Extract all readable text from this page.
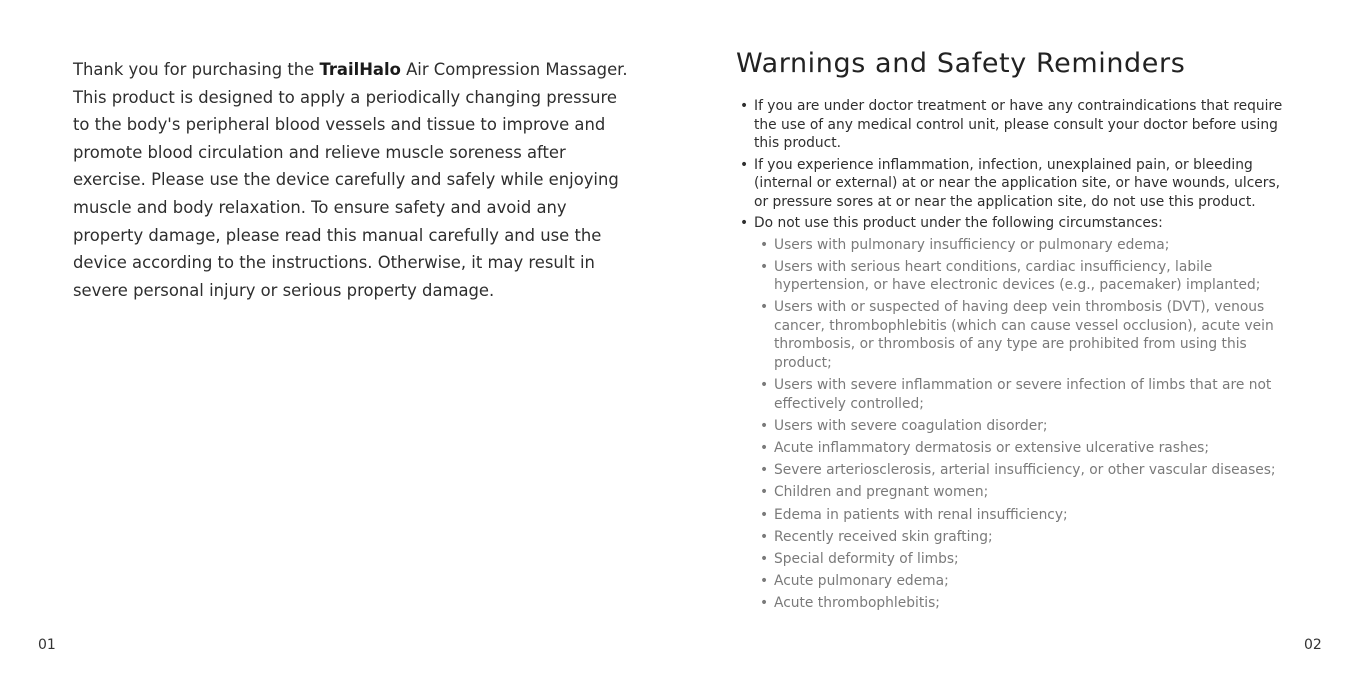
Thank you for purchasing the TrailHalo Air Compression Massager. This product is designed to apply a periodically changing pressure to the body's peripheral blood vessels and tissue to improve and promote blood circulation and relieve muscle soreness after exercise. Please use the device carefully and safely while enjoying muscle and body relaxation. To ensure safety and avoid any property damage, please read this manual carefully and use the device according to the instructions. Otherwise, it may result in severe personal injury or serious property damage.

01
Warnings and Safety Reminders
• If you are under doctor treatment or have any contraindications that require the use of any medical control unit, please consult your doctor before using this product.
• If you experience inflammation, infection, unexplained pain, or bleeding (internal or external) at or near the application site, or have wounds, ulcers, or pressure sores at or near the application site, do not use this product.
• Do not use this product under the following circumstances:
• Users with pulmonary insufficiency or pulmonary edema;
• Users with serious heart conditions, cardiac insufficiency, labile hypertension, or have electronic devices (e.g., pacemaker) implanted;
• Users with or suspected of having deep vein thrombosis (DVT), venous cancer, thrombophlebitis (which can cause vessel occlusion), acute vein thrombosis, or thrombosis of any type are prohibited from using this product;
• Users with severe inflammation or severe infection of limbs that are not effectively controlled;
• Users with severe coagulation disorder;
• Acute inflammatory dermatosis or extensive ulcerative rashes;
• Severe arteriosclerosis, arterial insufficiency, or other vascular diseases;
• Children and pregnant women;
• Edema in patients with renal insufficiency;
• Recently received skin grafting;
• Special deformity of limbs;
• Acute pulmonary edema;
• Acute thrombophlebitis;
02
